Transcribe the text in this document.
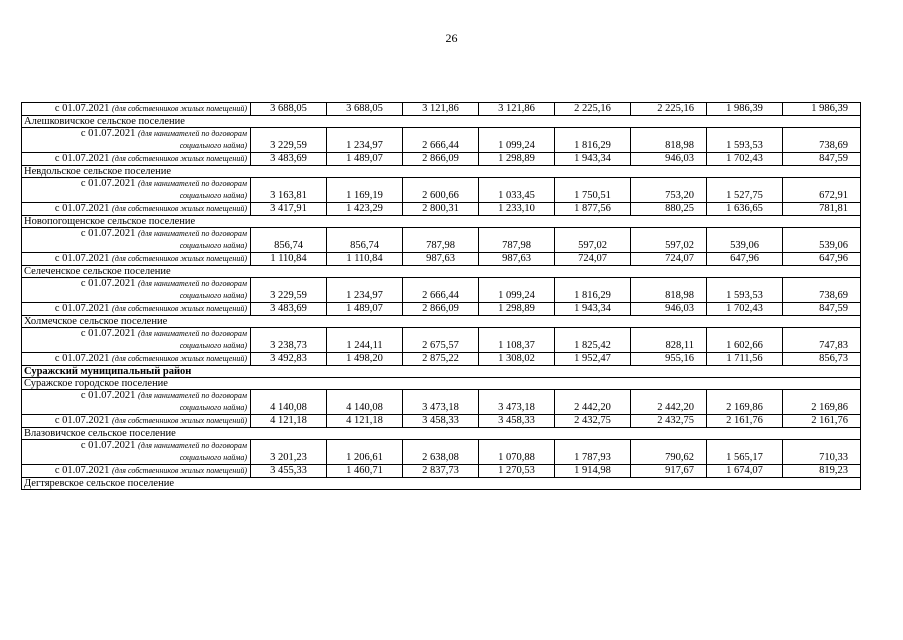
26
с 01.07.2021 (для собственников жилых помещений)	3 688,05	3 688,05	3 121,86	3 121,86	2 225,16	2 225,16	1 986,39	1 986,39
Алешковичское сельское поселение								

с 01.07.2021 (для нанимателей по договорам
социального найма)	3 229,59	1 234,97	2 666,44	1 099,24	1 816,29	818,98	1 593,53	738,69
с 01.07.2021 (для собственников жилых помещений)	3 483,69	1 489,07	2 866,09	1 298,89	1 943,34	946,03	1 702,43	847,59
Невдольское сельское поселение								

с 01.07.2021 (для нанимателей по договорам
социального найма)	3 163,81	1 169,19	2 600,66	1 033,45	1 750,51	753,20	1 527,75	672,91
с 01.07.2021 (для собственников жилых помещений)	3 417,91	1 423,29	2 800,31	1 233,10	1 877,56	880,25	1 636,65	781,81
Новопогощенское сельское поселение								

с 01.07.2021 (для нанимателей по договорам
социального найма)	856,74	856,74	787,98	787,98	597,02	597,02	539,06	539,06
с 01.07.2021 (для собственников жилых помещений)	1 110,84	1 110,84	987,63	987,63	724,07	724,07	647,96	647,96
Селеченское сельское поселение								

с 01.07.2021 (для нанимателей по договорам
социального найма)	3 229,59	1 234,97	2 666,44	1 099,24	1 816,29	818,98	1 593,53	738,69
с 01.07.2021 (для собственников жилых помещений)	3 483,69	1 489,07	2 866,09	1 298,89	1 943,34	946,03	1 702,43	847,59
Холмечское сельское поселение								

с 01.07.2021 (для нанимателей по договорам
социального найма)	3 238,73	1 244,11	2 675,57	1 108,37	1 825,42	828,11	1 602,66	747,83
с 01.07.2021 (для собственников жилых помещений)	3 492,83	1 498,20	2 875,22	1 308,02	1 952,47	955,16	1 711,56	856,73
Суражский муниципальный район								
Суражское городское поселение								

с 01.07.2021 (для нанимателей по договорам
социального найма)	4 140,08	4 140,08	3 473,18	3 473,18	2 442,20	2 442,20	2 169,86	2 169,86
с 01.07.2021 (для собственников жилых помещений)	4 121,18	4 121,18	3 458,33	3 458,33	2 432,75	2 432,75	2 161,76	2 161,76
Влазовичское сельское поселение								

с 01.07.2021 (для нанимателей по договорам
социального найма)	3 201,23	1 206,61	2 638,08	1 070,88	1 787,93	790,62	1 565,17	710,33
с 01.07.2021 (для собственников жилых помещений)	3 455,33	1 460,71	2 837,73	1 270,53	1 914,98	917,67	1 674,07	819,23
Дегтяревское сельское поселение								
